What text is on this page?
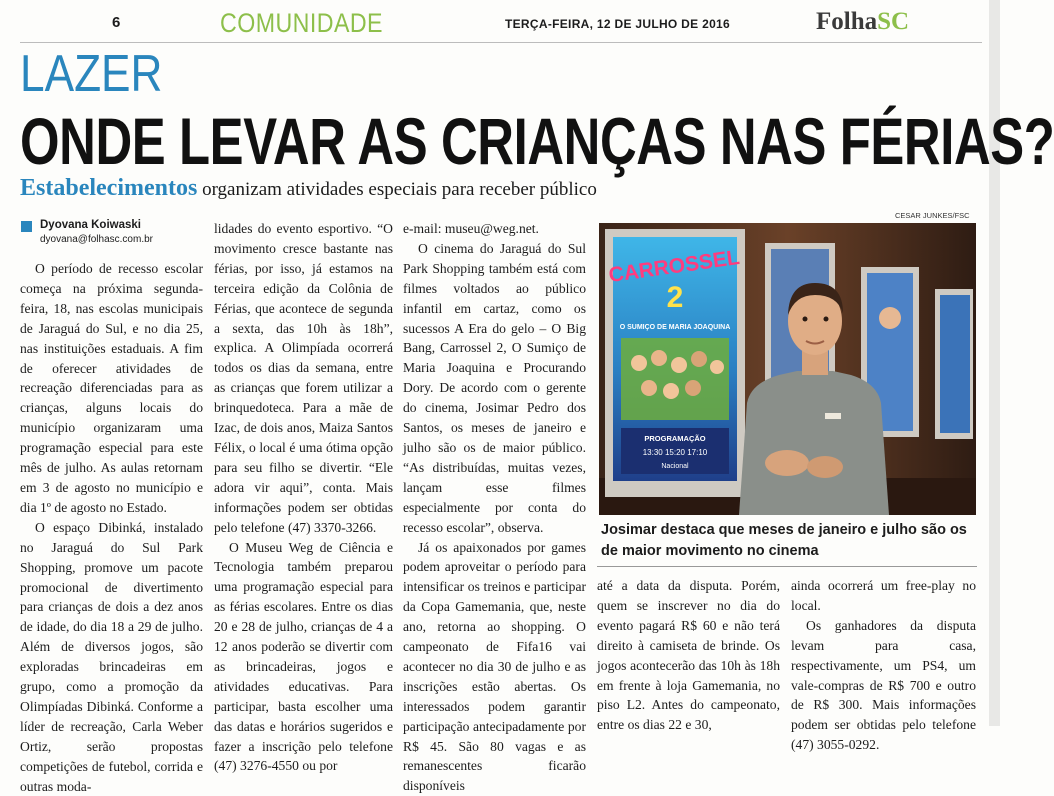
6	COMUNIDADE	TERÇA-FEIRA, 12 DE JULHO DE 2016	FolhaSC
LAZER
ONDE LEVAR AS CRIANÇAS NAS FÉRIAS?
Estabelecimentos organizam atividades especiais para receber público
Dyovana Koiwaski
dyovana@folhasc.com.br

O período de recesso escolar começa na próxima segunda-feira, 18, nas escolas municipais de Jaraguá do Sul, e no dia 25, nas instituições estaduais. A fim de oferecer atividades de recreação diferenciadas para as crianças, alguns locais do município organizaram uma programação especial para este mês de julho. As aulas retornam em 3 de agosto no município e dia 1º de agosto no Estado.

O espaço Dibinká, instalado no Jaraguá do Sul Park Shopping, promove um pacote promocional de divertimento para crianças de dois a dez anos de idade, do dia 18 a 29 de julho. Além de diversos jogos, são exploradas brincadeiras em grupo, como a promoção da Olimpíadas Dibinká. Conforme a líder de recreação, Carla Weber Ortiz, serão propostas competições de futebol, corrida e outras moda-

lidades do evento esportivo. “O movimento cresce bastante nas férias, por isso, já estamos na terceira edição da Colônia de Férias, que acontece de segunda a sexta, das 10h às 18h”, explica. A Olimpíada ocorrerá todos os dias da semana, entre as crianças que forem utilizar a brinquedoteca. Para a mãe de Izac, de dois anos, Maiza Santos Félix, o local é uma ótima opção para seu filho se divertir. “Ele adora vir aqui”, conta. Mais informações podem ser obtidas pelo telefone (47) 3370-3266.

O Museu Weg de Ciência e Tecnologia também preparou uma programação especial para as férias escolares. Entre os dias 20 e 28 de julho, crianças de 4 a 12 anos poderão se divertir com as brincadeiras, jogos e atividades educativas. Para participar, basta escolher uma das datas e horários sugeridos e fazer a inscrição pelo telefone (47) 3276-4550 ou por

e-mail: museu@weg.net.

O cinema do Jaraguá do Sul Park Shopping também está com filmes voltados ao público infantil em cartaz, como os sucessos A Era do gelo – O Big Bang, Carrossel 2, O Sumiço de Maria Joaquina e Procurando Dory. De acordo com o gerente do cinema, Josimar Pedro dos Santos, os meses de janeiro e julho são os de maior público. “As distribuídas, muitas vezes, lançam esse filmes especialmente por conta do recesso escolar”, observa.

Já os apaixonados por games podem aproveitar o período para intensificar os treinos e participar da Copa Gamemania, que, neste ano, retorna ao shopping. O campeonato de Fifa16 vai acontecer no dia 30 de julho e as inscrições estão abertas. Os interessados podem garantir participação antecipadamente por R$ 45. São 80 vagas e as remanescentes ficarão disponíveis

até a data da disputa. Porém, quem se inscrever no dia do evento pagará R$ 60 e não terá direito à camiseta de brinde. Os jogos acontecerão das 10h às 18h em frente à loja Gamemania, no piso L2. Antes do campeonato, entre os dias 22 e 30,

ainda ocorrerá um free-play no local.

Os ganhadores da disputa levam para casa, respectivamente, um PS4, um vale-compras de R$ 700 e outro de R$ 300. Mais informações podem ser obtidas pelo telefone (47) 3055-0292.

CESAR JUNKES/FSC
CARROSSEL
2
O SUMIÇO DE MARIA JOAQUINA
PROGRAMAÇÃO
13:30 15:20 17:10
Nacional
Josimar destaca que meses de janeiro e julho são os de maior movimento no cinema
